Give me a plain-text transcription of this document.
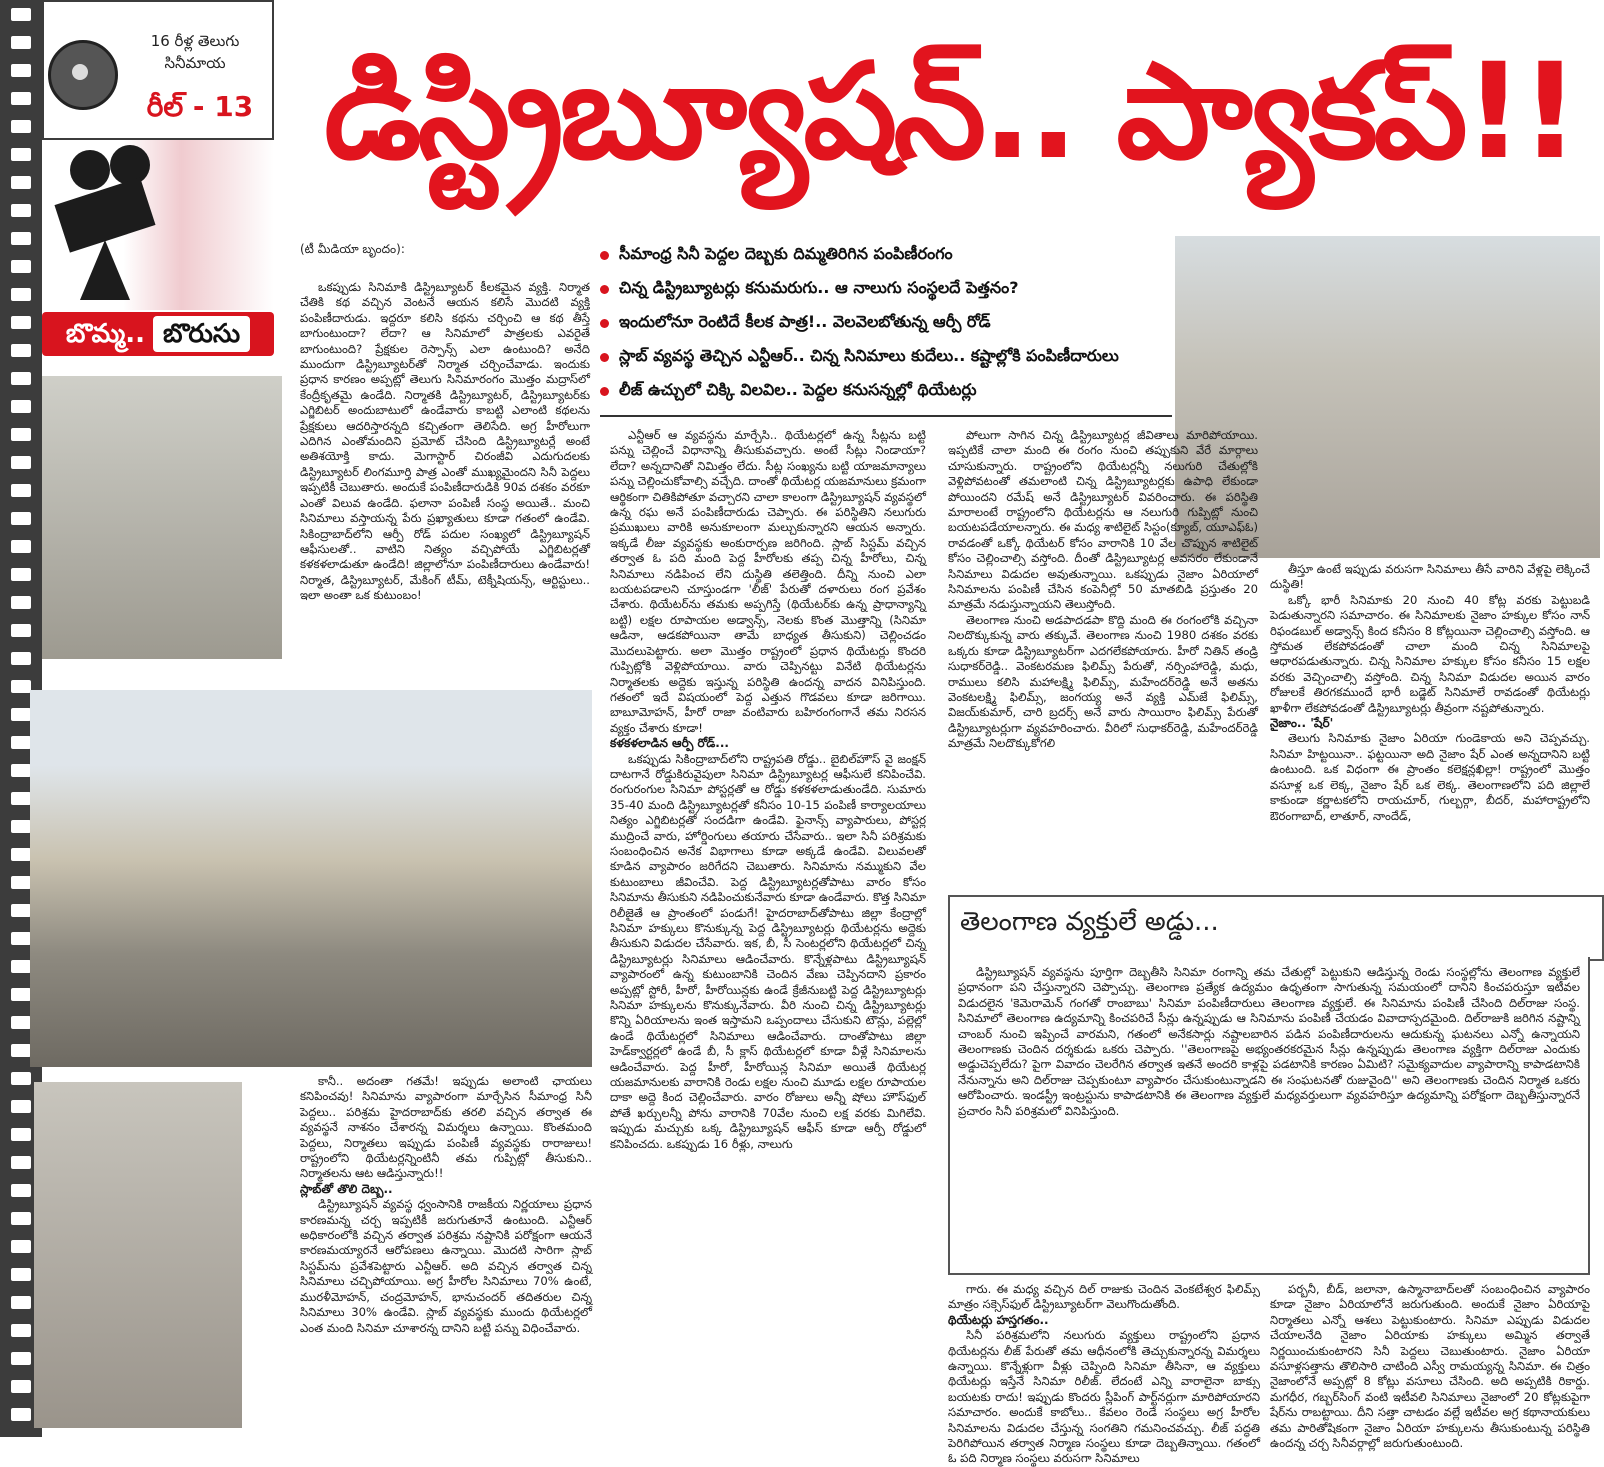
16 రీళ్ల తెలుగు సినీమాయ
రీల్ - 13
బొమ్మ.. బొరుసు
డిస్ట్రిబ్యూషన్.. ప్యాకప్!!
(టీ మీడియా బృందం):	సీమాంధ్ర సినీ పెద్దల దెబ్బకు దిమ్మతిరిగిన పంపిణీరంగం
చిన్న డిస్ట్రిబ్యూటర్లు కనుమరుగు.. ఆ నాలుగు సంస్థలదే పెత్తనం?
ఇందులోనూ రెంటిదే కీలక పాత్ర!.. వెలవెలబోతున్న ఆర్పీ రోడ్
స్లాబ్ వ్యవస్థ తెచ్చిన ఎన్టీఆర్.. చిన్న సినిమాలు కుదేలు.. కష్టాల్లోకి పంపిణీదారులు
లీజ్ ఉచ్చులో చిక్కి విలవిల.. పెద్దల కనుసన్నల్లో థియేటర్లు

ఒకప్పుడు సినిమాకి డిస్ట్రిబ్యూటర్ కీలకమైన వ్యక్తి. నిర్మాత చేతికి కథ వచ్చిన వెంటనే ఆయన కలిసే మొదటి వ్యక్తి పంపిణీదారుడు. ఇద్దరూ కలిసి కథను చర్చించి ఆ కథ తీస్తే బాగుంటుందా? లేదా? ఆ సినిమాలో పాత్రలకు ఎవరైతే బాగుంటుంది? ప్రేక్షకుల రెస్పాన్స్ ఎలా ఉంటుంది? అనేది ముందుగా డిస్ట్రిబ్యూటర్‌తో నిర్మాత చర్చించేవాడు. ఇందుకు ప్రధాన కారణం అప్పట్లో తెలుగు సినిమారంగం మొత్తం మద్రాస్‌లో కేంద్రీకృతమై ఉండేది. నిర్మాతకి డిస్ట్రిబ్యూటర్, డిస్ట్రిబ్యూటర్‌కు ఎగ్జిబిటర్ అందుబాటులో ఉండేవారు కాబట్టి ఎలాంటి కథలను ప్రేక్షకులు ఆదరిస్తారన్నది కచ్చితంగా తెలిసేది. అగ్ర హీరోలుగా ఎదిగిన ఎంతోమందిని ప్రమోట్ చేసింది డిస్ట్రిబ్యూటర్లే అంటే అతిశయోక్తి కాదు. మెగాస్టార్ చిరంజీవి ఎదుగుదలకు డిస్ట్రిబ్యూటర్ లింగమూర్తి పాత్ర ఎంతో ముఖ్యమైందని సినీ పెద్దలు ఇప్పటికీ చెబుతారు. అందుకే పంపిణీదారుడికి 90వ దశకం వరకూ ఎంతో విలువ ఉండేది. ఫలానా పంపిణీ సంస్థ అయితే.. మంచి సినిమాలు వస్తాయన్న పేరు ప్రఖ్యాతులు కూడా గతంలో ఉండేవి. సికింద్రాబాద్‌లోని ఆర్పీ రోడ్ పదుల సంఖ్యలో డిస్ట్రిబ్యూషన్ ఆఫీసులతో.. వాటిని నిత్యం వచ్చిపోయే ఎగ్జిబిటర్లతో కళకళలాడుతూ ఉండేది! జిల్లాలోనూ పంపిణీదారులు ఉండేవారు! నిర్మాత, డిస్ట్రిబ్యూటర్, మేకింగ్ టీమ్, టెక్నీషియన్స్, ఆర్టిస్టులు.. ఇలా అంతా ఒక కుటుంబం!

కానీ.. అదంతా గతమే! ఇప్పుడు అలాంటి ఛాయలు కనిపించవు! సినిమాను వ్యాపారంగా మార్చేసిన సీమాంధ్ర సినీ పెద్దలు.. పరిశ్రమ హైదరాబాద్‌కు తరలి వచ్చిన తర్వాత ఈ వ్యవస్థనే నాశనం చేశారన్న విమర్శలు ఉన్నాయి. కొంతమంది పెద్దలు, నిర్మాతలు ఇప్పుడు పంపిణీ వ్యవస్థకు రారాజులు! రాష్ట్రంలోని థియేటర్లన్నింటినీ తమ గుప్పిట్లో తీసుకుని.. నిర్మాతలను ఆట ఆడిస్తున్నారు!!

స్లాబ్‌తో తొలి దెబ్బ..

డిస్ట్రిబ్యూషన్ వ్యవస్థ ధ్వంసానికి రాజకీయ నిర్ణయాలు ప్రధాన కారణమన్న చర్చ ఇప్పటికీ జరుగుతూనే ఉంటుంది. ఎన్టీఆర్ అధికారంలోకి వచ్చిన తర్వాత పరిశ్రమ నష్టానికి పరోక్షంగా ఆయనే కారణమయ్యారనే ఆరోపణలు ఉన్నాయి. మొదటి సారిగా స్లాబ్ సిస్టమ్‌ను ప్రవేశపెట్టారు ఎన్టీఆర్. అది వచ్చిన తర్వాత చిన్న సినిమాలు చచ్చిపోయాయి. అగ్ర హీరోల సినిమాలు 70% ఉంటే, మురళీమోహన్, చంద్రమోహన్, భానుచందర్ తదితరుల చిన్న సినిమాలు 30% ఉండేవి. స్లాబ్ వ్యవస్థకు ముందు థియేటర్లలో ఎంత మంది సినిమా చూశారన్న దానిని బట్టి పన్ను విధించేవారు.

ఎన్టీఆర్ ఆ వ్యవస్థను మార్చేసి.. థియేటర్లలో ఉన్న సీట్లను బట్టి పన్ను చెల్లించే విధానాన్ని తీసుకువచ్చారు. అంటే సీట్లు నిండాయా? లేదా? అన్నదానితో నిమిత్తం లేదు. సీట్ల సంఖ్యను బట్టి యాజమాన్యాలు పన్ను చెల్లించుకోవాల్సి వచ్చేది. దాంతో థియేటర్ల యజమానులు క్రమంగా ఆర్థికంగా చితికిపోతూ వచ్చారని చాలా కాలంగా డిస్ట్రిబ్యూషన్ వ్యవస్థలో ఉన్న రఘ అనే పంపిణీదారుడు చెప్పారు. ఈ పరిస్థితిని నలుగురు ప్రముఖులు వారికి అనుకూలంగా మల్చుకున్నారని ఆయన అన్నారు. ఇక్కడే లీజు వ్యవస్థకు అంకురార్పణ జరిగింది. స్లాబ్ సిస్టమ్ వచ్చిన తర్వాత ఓ పది మంది పెద్ద హీరోలకు తప్ప చిన్న హీరోలు, చిన్న సినిమాలు నడిపించ లేని దుస్థితి తలెత్తింది. దీన్ని నుంచి ఎలా బయటపడాలని చూస్తుండగా 'లీజ్' పేరుతో దళారులు రంగ ప్రవేశం చేశారు. థియేటర్‌ను తమకు అప్పగిస్తే (థియేటర్‌కు ఉన్న ప్రాధాన్యాన్ని బట్టి) లక్షల రూపాయల అడ్వాన్స్, నెలకు కొంత మొత్తాన్ని (సినిమా ఆడినా, ఆడకపోయినా తామే బాధ్యత తీసుకుని) చెల్లించడం మొదలుపెట్టారు. అలా మొత్తం రాష్ట్రంలో ప్రధాన థియేటర్లు కొందరి గుప్పిట్లోకి వెళ్లిపోయాయి. వారు చెప్పినట్టు వినేటి థియేటర్లను నిర్మాతలకు అద్దెకు ఇస్తున్న పరిస్థితి ఉందన్న వాదన వినిపిస్తుంది. గతంలో ఇదే విషయంలో పెద్ద ఎత్తున గొడవలు కూడా జరిగాయి. బాబూమోహన్, హీరో రాజా వంటివారు బహిరంగంగానే తమ నిరసన వ్యక్తం చేశారు కూడా!

కళకళలాడిన ఆర్పీ రోడ్...

ఒకప్పుడు సికింద్రాబాద్‌లోని రాష్ట్రపతి రోడ్డు.. బైబిల్‌హౌస్ వై జంక్షన్ దాటగానే రోడ్డుకిరువైపులా సినిమా డిస్ట్రిబ్యూటర్ల ఆఫీసులే కనిపించేవి. రంగురంగుల సినిమా పోస్టర్లతో ఆ రోడ్డు కళకళలాడుతుండేది. సుమారు 35-40 మంది డిస్ట్రిబ్యూటర్లతో కనీసం 10-15 పంపిణీ కార్యాలయాలు నిత్యం ఎగ్జిబిటర్లతో సందడిగా ఉండేవి. ఫైనాన్స్ వ్యాపారులు, పోస్టర్ల ముద్రించే వారు, హోర్డింగులు తయారు చేసేవారు.. ఇలా సినీ పరిశ్రమకు సంబంధించిన అనేక విభాగాలు కూడా అక్కడే ఉండేవి. విలువలతో కూడిన వ్యాపారం జరిగేదని చెబుతారు. సినిమాను నమ్ముకుని వేల కుటుంబాలు జీవించేవి. పెద్ద డిస్ట్రిబ్యూటర్లతోపాటు వారం కోసం సినిమాను తీసుకుని నడిపించుకునేవారు కూడా ఉండేవారు. కొత్త సినిమా రిలీజైతే ఆ ప్రాంతంలో పండుగే! హైదరాబాద్‌తోపాటు జిల్లా కేంద్రాల్లో సినిమా హక్కులు కొనుక్కున్న పెద్ద డిస్ట్రిబ్యూటర్లు థియేటర్లను అద్దెకు తీసుకుని విడుదల చేసేవారు. ఇక, బీ, సీ సెంటర్లలోని థియేటర్లలో చిన్న డిస్ట్రిబ్యూటర్లు సినిమాలు ఆడించేవారు. కొన్నేళ్లపాటు డిస్ట్రిబ్యూషన్ వ్యాపారంలో ఉన్న కుటుంబానికి చెందిన వేణు చెప్పినదాని ప్రకారం అప్పట్లో స్టోరీ, హీరో, హీరోయిన్లకు ఉండే క్రేజీనుబట్టి పెద్ద డిస్ట్రిబ్యూటర్లు సినిమా హక్కులను కొనుక్కునేవారు. వీరి నుంచి చిన్న డిస్ట్రిబ్యూటర్లు కొన్ని ఏరియాలను ఇంత ఇస్తామని ఒప్పందాలు చేసుకుని టౌన్లు, పల్లెల్లో ఉండే థియేటర్లలో సినిమాలు ఆడించేవారు. దాంతోపాటు జిల్లా హెడ్‌క్వార్టర్లలో ఉండే బీ, సీ క్లాస్ థియేటర్లలో కూడా వీళ్లే సినిమాలను ఆడించేవారు. పెద్ద హీరో, హీరోయిన్ల సినిమా అయితే థియేటర్ల యజమానులకు వారానికి రెండు లక్షల నుంచి మూడు లక్షల రూపాయల దాకా అద్దె కింద చెల్లించేవారు. వారం రోజులు అన్నీ షోలు హౌస్‌ఫుల్ పోతే ఖర్చులన్నీ పోను వారానికి 70వేల నుంచి లక్ష వరకు మిగిలేవి. ఇప్పుడు మచ్చుకు ఒక్క డిస్ట్రిబ్యూషన్ ఆఫీస్ కూడా ఆర్పీ రోడ్డులో కనిపించదు. ఒకప్పుడు 16 రీళ్లు, నాలుగు

పోలుగా సాగిన చిన్న డిస్ట్రిబ్యూటర్ల జీవితాలు మారిపోయాయి. ఇప్పటికే చాలా మంది ఈ రంగం నుంచి తప్పుకుని వేరే మార్గాలు చూసుకున్నారు. రాష్ట్రంలోని థియేటర్లన్నీ నలుగురి చేతుల్లోకి వెళ్లిపోవటంతో తమలాంటి చిన్న డిస్ట్రిబ్యూటర్లకు ఉపాధి లేకుండా పోయిందని రమేష్ అనే డిస్ట్రిబ్యూటర్ వివరించారు. ఈ పరిస్థితి మారాలంటే రాష్ట్రంలోని థియేటర్లను ఆ నలుగురి గుప్పిట్లో నుంచి బయటపడేయాలన్నారు. ఈ మధ్య శాటిలైట్ సిస్టం(క్యూబ్, యూఎఫ్‌ఓ) రావడంతో ఒక్కో థియేటర్ కోసం వారానికి 10 వేల చొప్పున శాటిలైట్ కోసం చెల్లించాల్సి వస్తోంది. దీంతో డిస్ట్రిబ్యూటర్ల అవసరం లేకుండానే సినిమాలు విడుదల అవుతున్నాయి. ఒకప్పుడు నైజాం ఏరియాలో సినిమాలను పంపిణీ చేసిన కంపెనీల్లో 50 మాతబిడి ప్రస్తుతం 20 మాత్రమే నడుస్తున్నాయని తెలుస్తోంది.

తెలంగాణ నుంచి అడపాదడపా కొద్ది మంది ఈ రంగంలోకి వచ్చినా నిలదొక్కుకున్న వారు తక్కువే. తెలంగాణ నుంచి 1980 దశకం వరకు ఒక్కరు కూడా డిస్ట్రిబ్యూటర్‌గా ఎదగలేకపోయారు. హీరో నితిన్ తండ్రి సుధాకర్‌రెడ్డి.. వెంకటరమణ ఫిలిమ్స్ పేరుతో, నర్సింహారెడ్డి, మధు, రాములు కలిసి మహాలక్ష్మి ఫిలిమ్స్, మహేందర్‌రెడ్డి అనే అతను వెంకటలక్ష్మి ఫిలిమ్స్, జంగయ్య అనే వ్యక్తి ఎమ్‌జే ఫిలిమ్స్, విజయ్‌కుమార్, చారి బ్రదర్స్ అనే వారు సాయిరాం ఫిలిమ్స్ పేరుతో డిస్ట్రిబ్యూటర్లుగా వ్యవహరించారు. వీరిలో సుధాకర్‌రెడ్డి, మహేందర్‌రెడ్డి మాత్రమే నిలదొక్కుకోగలి

తీస్తూ ఉంటే ఇప్పుడు వరుసగా సినిమాలు తీసే వారిని వేళ్లపై లెక్కించే దుస్థితి!

ఒక్కో భారీ సినిమాకు 20 నుంచి 40 కోట్ల వరకు పెట్టుబడి పెడుతున్నారని సమాచారం. ఈ సినిమాలకు నైజాం హక్కుల కోసం నాన్ రిఫండబుల్ అడ్వాన్స్ కింద కనీసం 8 కోట్లయినా చెల్లించాల్సి వస్తోంది. ఆ స్తోమత లేకపోవడంతో చాలా మంది చిన్న సినిమాలపై ఆధారపడుతున్నారు. చిన్న సినిమాల హక్కుల కోసం కనీసం 15 లక్షల వరకు వెచ్చించాల్సి వస్తోంది. చిన్న సినిమా విడుదల అయిన వారం రోజులకే తిరగకముందే భారీ బడ్జెట్ సినిమాలే రావడంతో థియేటర్లు ఖాళీగా లేకపోవడంతో డిస్ట్రిబ్యూటర్లు తీవ్రంగా నష్టపోతున్నారు.

నైజాం.. 'షేర్'

తెలుగు సినిమాకు నైజాం ఏరియా గుండెకాయ అని చెప్పవచ్చు. సినిమా హిట్టయినా.. ఫట్టయినా అది నైజాం షేర్ ఎంత అన్నదానిని బట్టి ఉంటుంది. ఒక విధంగా ఈ ప్రాంతం కలెక్షన్లఖిల్లా! రాష్ట్రంలో మొత్తం వసూళ్ల ఒక లెక్క, నైజాం షేర్ ఒక లెక్క. తెలంగాణలోని పది జిల్లాలే కాకుండా కర్ణాటకలోని రాయచూర్, గుల్బర్గా, బీదర్, మహారాష్ట్రలోని ఔరంగాబాద్, లాతూర్, నాందేడ్,

తెలంగాణ వ్యక్తులే అడ్డు...

డిస్ట్రిబ్యూషన్ వ్యవస్థను పూర్తిగా దెబ్బతీసి సినిమా రంగాన్ని తమ చేతుల్లో పెట్టుకుని ఆడిస్తున్న రెండు సంస్థల్లోను తెలంగాణ వ్యక్తులే ప్రధానంగా పని చేస్తున్నారని చెప్పొచ్చు. తెలంగాణ ప్రత్యేక ఉద్యమం ఉధృతంగా సాగుతున్న సమయంలో దానిని కించపరుస్తూ ఇటీవల విడుదలైన 'కెమెరామెన్ గంగతో రాంబాబు' సినిమా పంపిణీదారులు తెలంగాణ వ్యక్తులే. ఈ సినిమాను పంపిణీ చేసింది దిల్‌రాజు సంస్థ. సినిమాలో తెలంగాణ ఉద్యమాన్ని కించపరిచే సీన్లు ఉన్నప్పుడు ఆ సినిమాను పంపిణీ చేయడం వివాదాస్పదమైంది. దిల్‌రాజుకి జరిగిన నష్టాన్ని చాంబర్ నుంచి ఇప్పించే వారమని, గతంలో అనేకసార్లు నష్టాలబారిన పడిన పంపిణీదారులను ఆదుకున్న ఘటనలు ఎన్నో ఉన్నాయని తెలంగాణకు చెందిన దర్శకుడు ఒకరు చెప్పారు. ''తెలంగాణపై అభ్యంతరకరమైన సీన్లు ఉన్నప్పుడు తెలంగాణ వ్యక్తిగా దిల్‌రాజు ఎందుకు అడ్డుచెప్పలేదు? పైగా వివాదం చెలరేగిన తర్వాత ఇతనే అందరి కాళ్లపై పడటానికి కారణం ఏమిటి? సమైక్యవాదుల వ్యాపారాన్ని కాపాడటానికి నేనున్నాను అని దిల్‌రాజు చెప్పకుంటూ వ్యాపారం చేసుకుంటున్నాడని ఈ సంఘటనతో రుజువైంది'' అని తెలంగాణకు చెందిన నిర్మాత ఒకరు ఆరోపించారు. ఇండస్ట్రీ ఇంట్రస్టును కాపాడటానికి ఈ తెలంగాణ వ్యక్తులే మధ్యవర్తులుగా వ్యవహరిస్తూ ఉద్యమాన్ని పరోక్షంగా దెబ్బతీస్తున్నారనే ప్రచారం సినీ పరిశ్రమలో వినిపిస్తుంది.

గారు. ఈ మధ్య వచ్చిన దిల్ రాజుకు చెందిన వెంకటేశ్వర ఫిలిమ్స్ మాత్రం సక్సెస్‌ఫుల్ డిస్ట్రిబ్యూటర్‌గా వెలుగొందుతోంది.

థియేటర్లు హస్తగతం..

సినీ పరిశ్రమలోని నలుగురు వ్యక్తులు రాష్ట్రంలోని ప్రధాన థియేటర్లను లీజ్ పేరుతో తమ ఆధీనంలోకి తెచ్చుకున్నారన్న విమర్శలు ఉన్నాయి. కొన్నేళ్లుగా వీళ్లు చెప్పింది సినిమా తీసినా, ఆ వ్యక్తులు థియేటర్లు ఇస్తేనే సినిమా రిలీజ్. లేదంటే ఎన్ని వారాలైనా బాక్సు బయటకు రాదు! ఇప్పుడు కొందరు స్లీపింగ్ పార్ట్‌నర్లుగా మారిపోయారని సమాచారం. అందుకే కాబోలు.. కేవలం రెండే సంస్థలు అగ్ర హీరోల సినిమాలను విడుదల చేస్తున్న సంగతిని గమనించవచ్చు. లీజ్ పద్ధతి పెరిగిపోయిన తర్వాత నిర్మాణ సంస్థలు కూడా దెబ్బతిన్నాయి. గతంలో ఓ పది నిర్మాణ సంస్థలు వరుసగా సినిమాలు

పర్బనీ, బీడ్, జలానా, ఉస్మానాబాద్‌లతో సంబంధించిన వ్యాపారం కూడా నైజాం ఏరియాలోనే జరుగుతుంది. అందుకే నైజాం ఏరియాపై నిర్మాతలు ఎన్నో ఆశలు పెట్టుకుంటారు. సినిమా ఎప్పుడు విడుదల చేయాలనేది నైజాం ఏరియాకు హక్కులు అమ్మిన తర్వాతే నిర్ణయించుకుంటారని సినీ పెద్దలు చెబుతుంటారు. నైజాం ఏరియా వసూళ్లసత్తాను తొలిసారి చాటింది ఎస్వీ రామయ్యన్న సినిమా. ఈ చిత్రం నైజాంలోనే అప్పట్లో 8 కోట్లు వసూలు చేసింది. అది అప్పటికి రికార్డు. మగధీర, గబ్బర్‌సింగ్ వంటి ఇటీవలి సినిమాలు నైజాంలో 20 కోట్లకుపైగా షేర్‌ను రాబట్టాయి. దీని సత్తా చాటడం వల్లే ఇటీవల అగ్ర కథానాయకులు తమ పారితోషికంగా నైజాం ఏరియా హక్కులను తీసుకుంటున్న పరిస్థితి ఉందన్న చర్చ సినీవర్గాల్లో జరుగుతుంటుంది.
